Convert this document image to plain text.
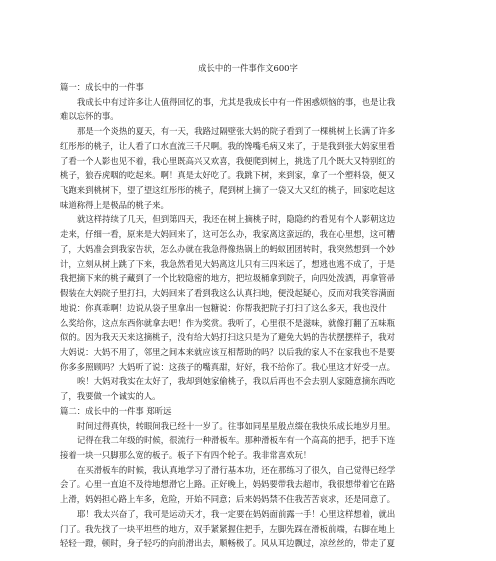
成长中的一件事作文600字
篇一：成长中的一件事
我成长中有过许多让人值得回忆的事，尤其是我成长中有一件困惑烦恼的事，也是让我
难以忘怀的事。
那是一个炎热的夏天，有一天，我路过隔壁张大妈的院子看到了一棵桃树上长满了许多
红彤彤的桃子，让人看了口水直流三千尺啊。我的馋嘴毛病又来了，于是我到张大妈家里看
了看一个人影也见不着，我心里既高兴又欢喜，我便爬到树上，挑选了几个既大又特别红的
桃子，狼吞虎咽的吃起来。啊！真是太好吃了。我跳下树，来到家，拿了一个塑料袋，便又
飞跑来到桃树下，望了望这红彤彤的桃子，爬到树上摘了一袋又大又红的桃子，回家吃起这
味道称得上是极品的桃子来。
就这样持续了几天，但到第四天，我还在树上摘桃子时，隐隐约约看见有个人影朝这边
走来，仔细一看，原来是大妈回来了，这可怎么办，我家离这蛮远的，我在心里想，这可糟
了，大妈准会到我家告状，怎么办就在我急得像热锅上的蚂蚁团团转时，我突然想到一个妙
计，立刻从树上跳了下来，我急然看见大妈离这儿只有三四米远了，想逃也逃不成了，于是
我把摘下来的桃子藏到了一个比较隐密的地方，把垃圾桶拿到院子，向四处泼洒，再拿管帚
假装在大妈院子里打扫，大妈回来了看到我这么认真扫地，便没起疑心，反而对我笑容满面
地说：你真乖啊！边说从袋子里拿出一包糖说：你帮我把院子打扫了这么多天，我也没什
么奖给你，这点东西你就拿去吧！作为奖赏。我听了，心里很不是滋味，就像打翻了五味瓶
似的。因为我天天来这摘桃子，没有给大妈打扫这只是为了避免大妈的告状摆摆样子，我对
大妈说：大妈不用了，邻里之间本来就应该互相帮助的吗？以后我的家人不在家我也不是要
你多多照顾吗？大妈听了说：这孩子的嘴真甜，好好，我不给你了。我心里这才好受一点。
唉！大妈对我实在太好了，我却到她家偷桃子，我以后再也不会去别人家随意摘东西吃
了，我要做一个诚实的人。
篇二：成长中的一件事 郑昕远
时间过得真快，转眼间我已经十一岁了。往事如同星星般点缀在我快乐成长地岁月里。
记得在我二年级的时候，很流行一种滑板车。那种滑板车有一个高高的把手，把手下连
接着一块一只脚那么宽的板子。板子下有四个轮子。我非常喜欢玩！
在买滑板车的时候，我认真地学习了滑行基本功，还在那练习了很久，自己觉得已经学
会了。心里一直迫不及待地想滑它上路。正好晚上，妈妈要带我去超市，我很想带着它在路
上滑，妈妈担心路上车多，危险，开始不同意；后来妈妈禁不住我苦苦哀求，还是同意了。
耶！我太兴奋了，我可是运动天才，我一定要在妈妈面前露一手！心里这样想着，就出
门了。我先找了一块平坦些的地方，双手紧紧握住把手，左脚先踩在滑板前端，右脚在地上
轻轻一蹬，顿时，身子轻巧的向前滑出去，顺畅极了。风从耳边飘过，凉丝丝的，带走了夏
